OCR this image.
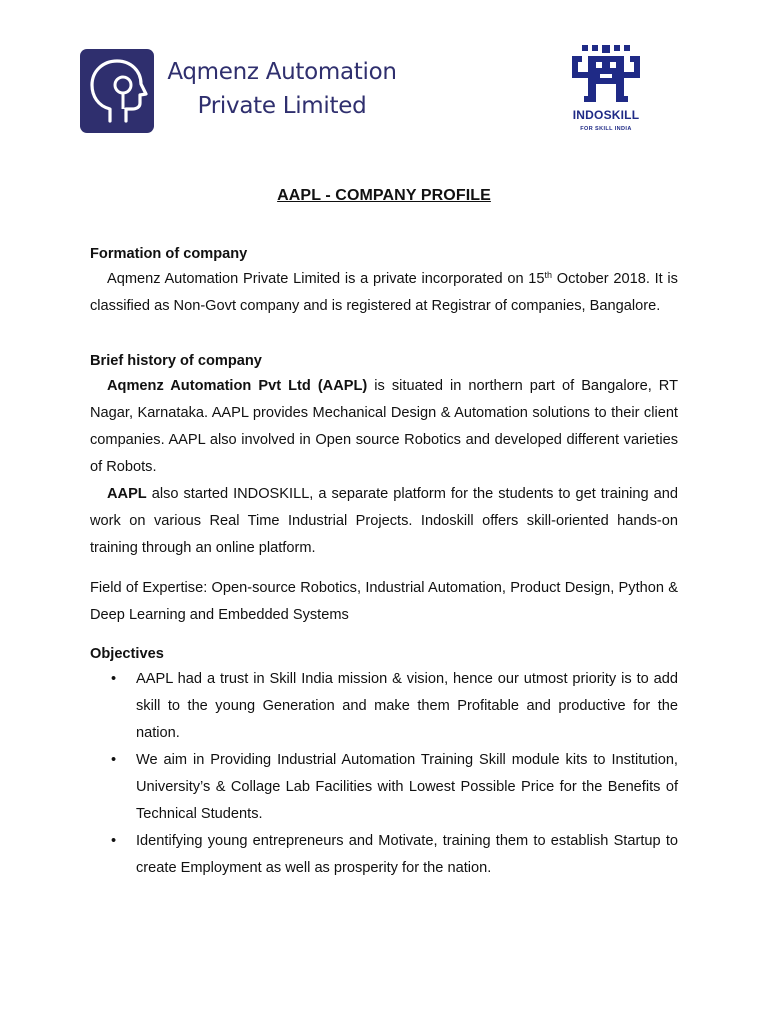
Aqmenz Automation
Private Limited	INDOSKILL
FOR SKILL INDIA
AAPL - COMPANY PROFILE
Formation of company

Aqmenz Automation Private Limited is a private incorporated on 15th October 2018. It is classified as Non-Govt company and is registered at Registrar of companies, Bangalore.

Brief history of company

Aqmenz Automation Pvt Ltd (AAPL) is situated in northern part of Bangalore, RT Nagar, Karnataka. AAPL provides Mechanical Design & Automation solutions to their client companies. AAPL also involved in Open source Robotics and developed different varieties of Robots.

AAPL also started INDOSKILL, a separate platform for the students to get training and work on various Real Time Industrial Projects. Indoskill offers skill-oriented hands-on training through an online platform.

Field of Expertise: Open-source Robotics, Industrial Automation, Product Design, Python & Deep Learning and Embedded Systems

Objectives
• AAPL had a trust in Skill India mission & vision, hence our utmost priority is to add skill to the young Generation and make them Profitable and productive for the nation.
• We aim in Providing Industrial Automation Training Skill module kits to Institution, University’s & Collage Lab Facilities with Lowest Possible Price for the Benefits of Technical Students.
• Identifying young entrepreneurs and Motivate, training them to establish Startup to create Employment as well as prosperity for the nation.
